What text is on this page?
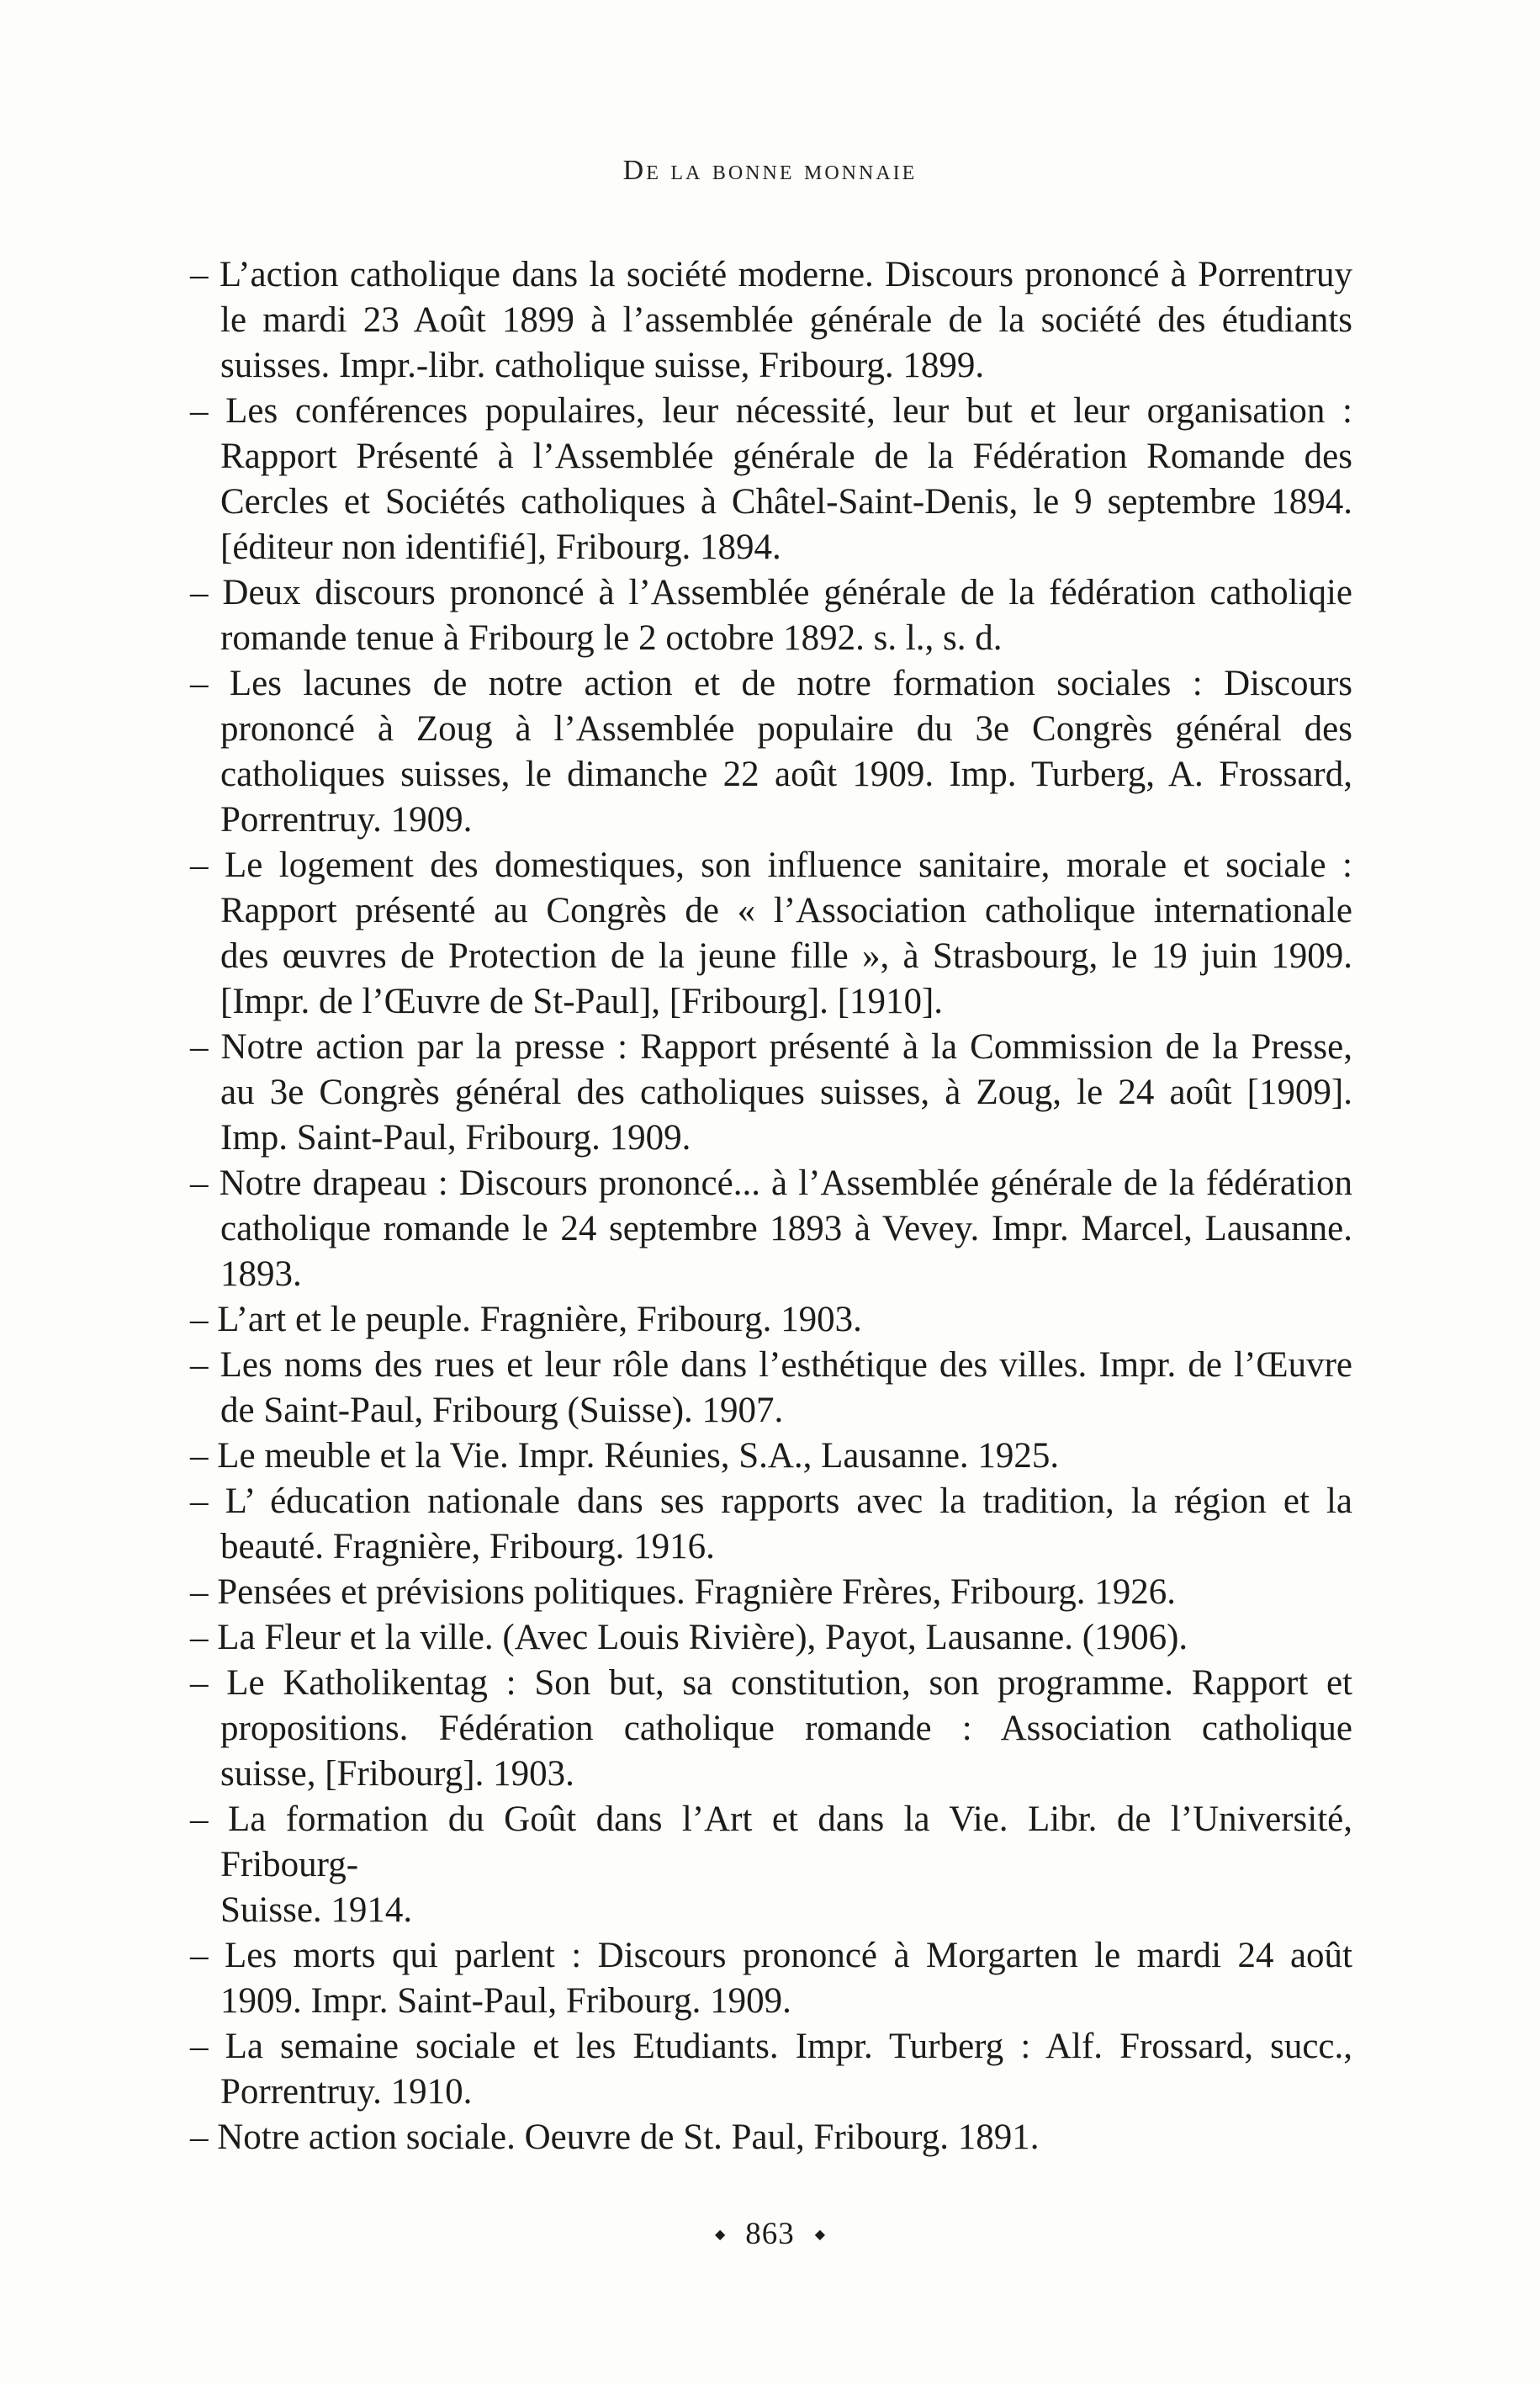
De la bonne monnaie
– L’action catholique dans la société moderne. Discours prononcé à Porrentruy
le mardi 23 Août 1899 à l’assemblée générale de la société des étudiants
suisses. Impr.-libr. catholique suisse, Fribourg. 1899.
– Les conférences populaires, leur nécessité, leur but et leur organisation :
Rapport Présenté à l’Assemblée générale de la Fédération Romande des
Cercles et Sociétés catholiques à Châtel-Saint-Denis, le 9 septembre 1894.
[éditeur non identifié], Fribourg. 1894.
– Deux discours prononcé à l’Assemblée générale de la fédération catholiqie
romande tenue à Fribourg le 2 octobre 1892. s. l., s. d.
– Les lacunes de notre action et de notre formation sociales : Discours
prononcé à Zoug à l’Assemblée populaire du 3e Congrès général des
catholiques suisses, le dimanche 22 août 1909. Imp. Turberg, A. Frossard,
Porrentruy. 1909.
– Le logement des domestiques, son influence sanitaire, morale et sociale :
Rapport présenté au Congrès de « l’Association catholique internationale
des œuvres de Protection de la jeune fille », à Strasbourg, le 19 juin 1909.
[Impr. de l’Œuvre de St-Paul], [Fribourg]. [1910].
– Notre action par la presse : Rapport présenté à la Commission de la Presse,
au 3e Congrès général des catholiques suisses, à Zoug, le 24 août [1909].
Imp. Saint-Paul, Fribourg. 1909.
– Notre drapeau : Discours prononcé... à l’Assemblée générale de la fédération
catholique romande le 24 septembre 1893 à Vevey. Impr. Marcel, Lausanne.
1893.
– L’art et le peuple. Fragnière, Fribourg. 1903.
– Les noms des rues et leur rôle dans l’esthétique des villes. Impr. de l’Œuvre
de Saint-Paul, Fribourg (Suisse). 1907.
– Le meuble et la Vie. Impr. Réunies, S.A., Lausanne. 1925.
– L’ éducation nationale dans ses rapports avec la tradition, la région et la
beauté. Fragnière, Fribourg. 1916.
– Pensées et prévisions politiques. Fragnière Frères, Fribourg. 1926.
– La Fleur et la ville. (Avec Louis Rivière), Payot, Lausanne. (1906).
– Le Katholikentag : Son but, sa constitution, son programme. Rapport et
propositions. Fédération catholique romande : Association catholique
suisse, [Fribourg]. 1903.
– La formation du Goût dans l’Art et dans la Vie. Libr. de l’Université, Fribourg-
Suisse. 1914.
– Les morts qui parlent : Discours prononcé à Morgarten le mardi 24 août
1909. Impr. Saint-Paul, Fribourg. 1909.
– La semaine sociale et les Etudiants. Impr. Turberg : Alf. Frossard, succ.,
Porrentruy. 1910.
– Notre action sociale. Oeuvre de St. Paul, Fribourg. 1891.
◆ 863 ◆
